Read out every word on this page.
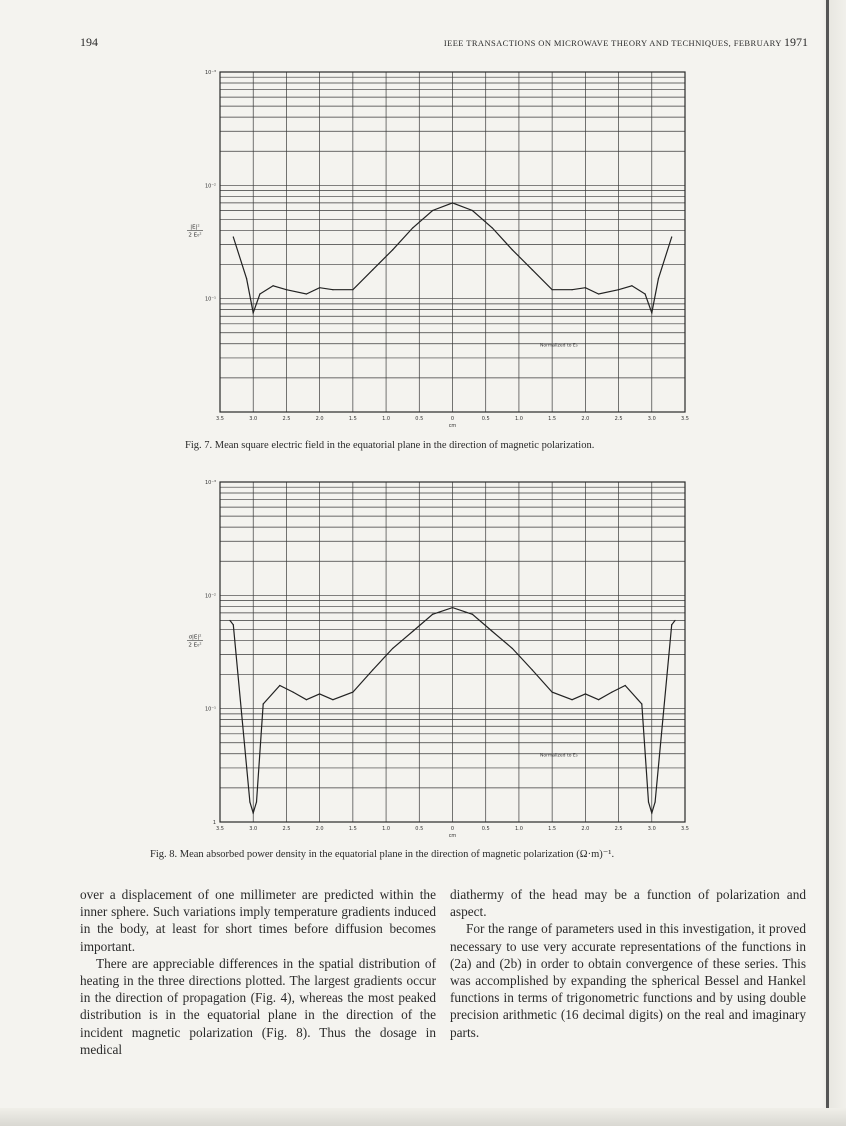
194	IEEE TRANSACTIONS ON MICROWAVE THEORY AND TECHNIQUES, FEBRUARY 1971
3.5	3.0	2.5	2.0	1.5	1.0	0.5	0	0.5	1.0	1.5	2.0	2.5	3.0	3.5
cm
10⁻¹
10⁻²
10⁻³
|E|²
2 E₀²
Normalized to E₀
Fig. 7. Mean square electric field in the equatorial plane in the direction of magnetic polarization.
3.5	3.0	2.5	2.0	1.5	1.0	0.5	0	0.5	1.0	1.5	2.0	2.5	3.0	3.5
cm
1
10⁻¹
10⁻²
10⁻³
σ|E|²
2 E₀²
Normalized to E₀
Fig. 8. Mean absorbed power density in the equatorial plane in the direction of magnetic polarization (Ω·m)⁻¹.

over a displacement of one millimeter are predicted within the inner sphere. Such variations imply temperature gradients induced in the body, at least for short times before diffusion becomes important.

There are appreciable differences in the spatial distribution of heating in the three directions plotted. The largest gradients occur in the direction of propagation (Fig. 4), whereas the most peaked distribution is in the equatorial plane in the direction of the incident magnetic polarization (Fig. 8). Thus the dosage in medical

diathermy of the head may be a function of polarization and aspect.

For the range of parameters used in this investigation, it proved necessary to use very accurate representations of the functions in (2a) and (2b) in order to obtain convergence of these series. This was accomplished by expanding the spherical Bessel and Hankel functions in terms of trigonometric functions and by using double precision arithmetic (16 decimal digits) on the real and imaginary parts.
